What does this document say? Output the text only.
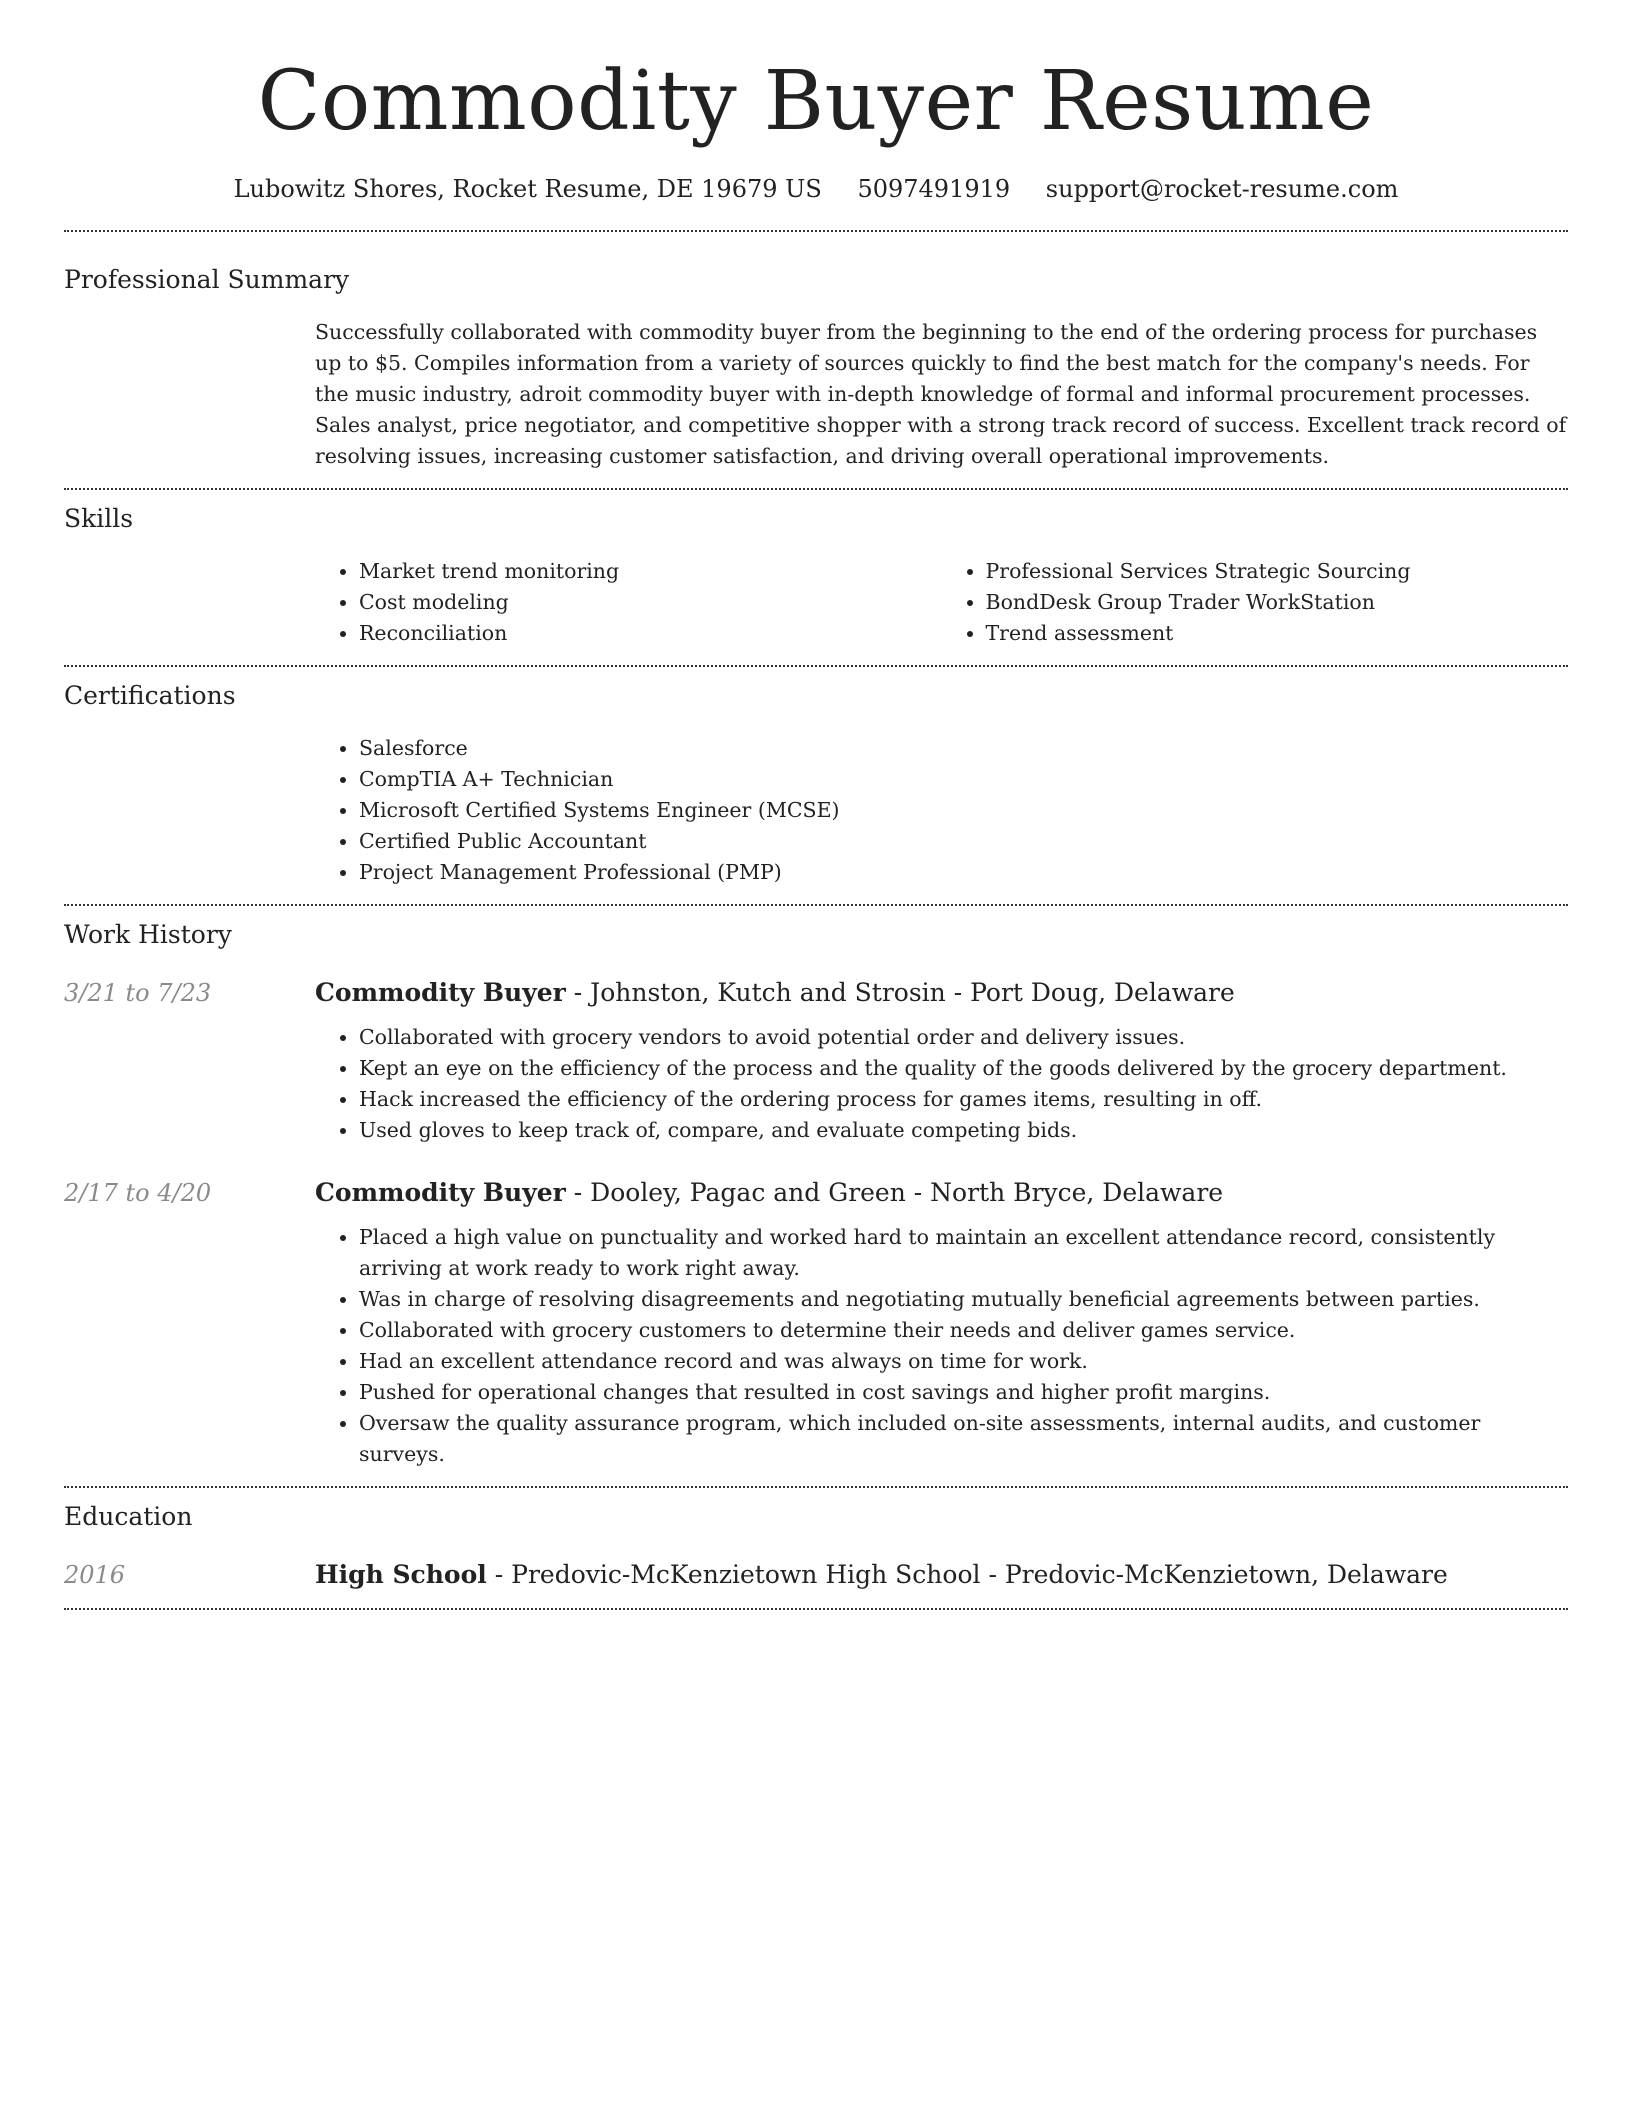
Commodity Buyer Resume
Lubowitz Shores, Rocket Resume, DE 19679 US 5097491919 support@rocket-resume.com
Professional Summary

Successfully collaborated with commodity buyer from the beginning to the end of the ordering process for purchases up to $5. Compiles information from a variety of sources quickly to find the best match for the company's needs. For the music industry, adroit commodity buyer with in-depth knowledge of formal and informal procurement processes. Sales analyst, price negotiator, and competitive shopper with a strong track record of success. Excellent track record of resolving issues, increasing customer satisfaction, and driving overall operational improvements.

Skills
• Market trend monitoring
• Cost modeling
• Reconciliation
• Professional Services Strategic Sourcing
• BondDesk Group Trader WorkStation
• Trend assessment
Certifications
• Salesforce
• CompTIA A+ Technician
• Microsoft Certified Systems Engineer (MCSE)
• Certified Public Accountant
• Project Management Professional (PMP)
Work History
3/21 to 7/23	Commodity Buyer - Johnston, Kutch and Strosin - Port Doug, Delaware
• Collaborated with grocery vendors to avoid potential order and delivery issues.
• Kept an eye on the efficiency of the process and the quality of the goods delivered by the grocery department.
• Hack increased the efficiency of the ordering process for games items, resulting in off.
• Used gloves to keep track of, compare, and evaluate competing bids.
2/17 to 4/20	Commodity Buyer - Dooley, Pagac and Green - North Bryce, Delaware
• Placed a high value on punctuality and worked hard to maintain an excellent attendance record, consistently arriving at work ready to work right away.
• Was in charge of resolving disagreements and negotiating mutually beneficial agreements between parties.
• Collaborated with grocery customers to determine their needs and deliver games service.
• Had an excellent attendance record and was always on time for work.
• Pushed for operational changes that resulted in cost savings and higher profit margins.
• Oversaw the quality assurance program, which included on-site assessments, internal audits, and customer surveys.
Education
2016	High School - Predovic-McKenzietown High School - Predovic-McKenzietown, Delaware
